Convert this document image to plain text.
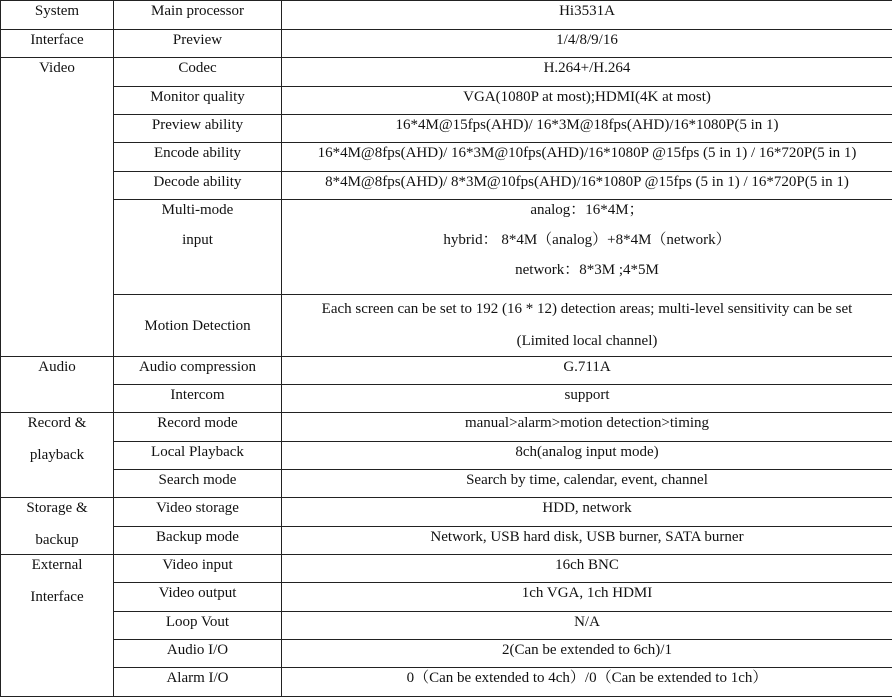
System	Main processor	Hi3531A

Interface	Preview	1/4/8/9/16

Video	Codec	H.264+/H.264

	Monitor quality	VGA(1080P at most);HDMI(4K at most)

	Preview ability	16*4M@15fps(AHD)/ 16*3M@18fps(AHD)/16*1080P(5 in 1)

	Encode ability	16*4M@8fps(AHD)/ 16*3M@10fps(AHD)/16*1080P @15fps (5 in 1) / 16*720P(5 in 1)

	Decode ability	8*4M@8fps(AHD)/ 8*3M@10fps(AHD)/16*1080P @15fps (5 in 1) / 16*720P(5 in 1)

	Multi-mode
input	analog：16*4M；
hybrid： 8*4M（analog）+8*4M（network）
network：8*3M ;4*5M

	Motion Detection	Each screen can be set to 192 (16 * 12) detection areas; multi-level sensitivity can be set
(Limited local channel)

Audio	Audio compression	G.711A

	Intercom	support

Record &
playback	Record mode	manual>alarm>motion detection>timing

	Local Playback	8ch(analog input mode)

	Search mode	Search by time, calendar, event, channel

Storage &
backup	Video storage	HDD, network

	Backup mode	Network, USB hard disk, USB burner, SATA burner

External
Interface	Video input	16ch BNC

	Video output	1ch VGA, 1ch HDMI

	Loop Vout	N/A

	Audio I/O	2(Can be extended to 6ch)/1

	Alarm I/O	0（Can be extended to 4ch）/0（Can be extended to 1ch）
